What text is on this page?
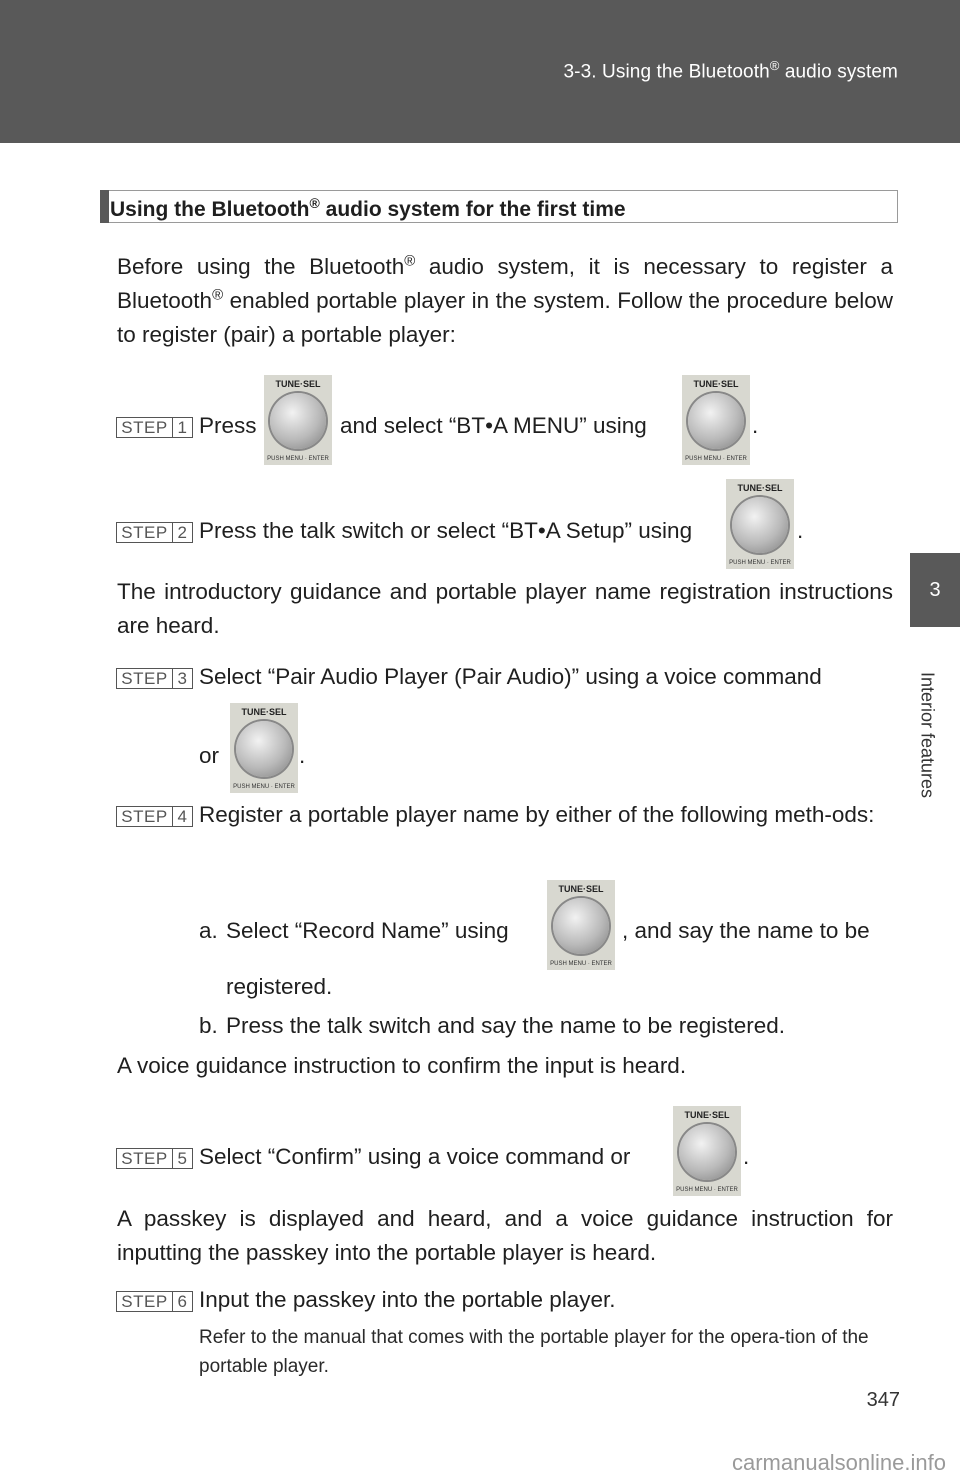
3-3. Using the Bluetooth® audio system
3
Interior features
Using the Bluetooth® audio system for the first time
Before using the Bluetooth® audio system, it is necessary to register a Bluetooth® enabled portable player in the system. Follow the procedure below to register (pair) a portable player:
STEP 1 Press
TUNE·SEL
PUSH MENU · ENTER
and select “BT•A MENU” using
TUNE·SEL
PUSH MENU · ENTER
.
STEP 2 Press the talk switch or select “BT•A Setup” using
TUNE·SEL
PUSH MENU · ENTER
.
The introductory guidance and portable player name registration instructions are heard.
STEP 3 Select “Pair Audio Player (Pair Audio)” using a voice command
or
TUNE·SEL
PUSH MENU · ENTER
.
STEP 4 Register a portable player name by either of the following meth-ods:
a. Select “Record Name” using
TUNE·SEL
PUSH MENU · ENTER
, and say the name to be
registered.
b. Press the talk switch and say the name to be registered.
A voice guidance instruction to confirm the input is heard.
STEP 5 Select “Confirm” using a voice command or
TUNE·SEL
PUSH MENU · ENTER
.
A passkey is displayed and heard, and a voice guidance instruction for inputting the passkey into the portable player is heard.
STEP 6 Input the passkey into the portable player.
Refer to the manual that comes with the portable player for the opera-tion of the portable player.
347
carmanualsonline.info
